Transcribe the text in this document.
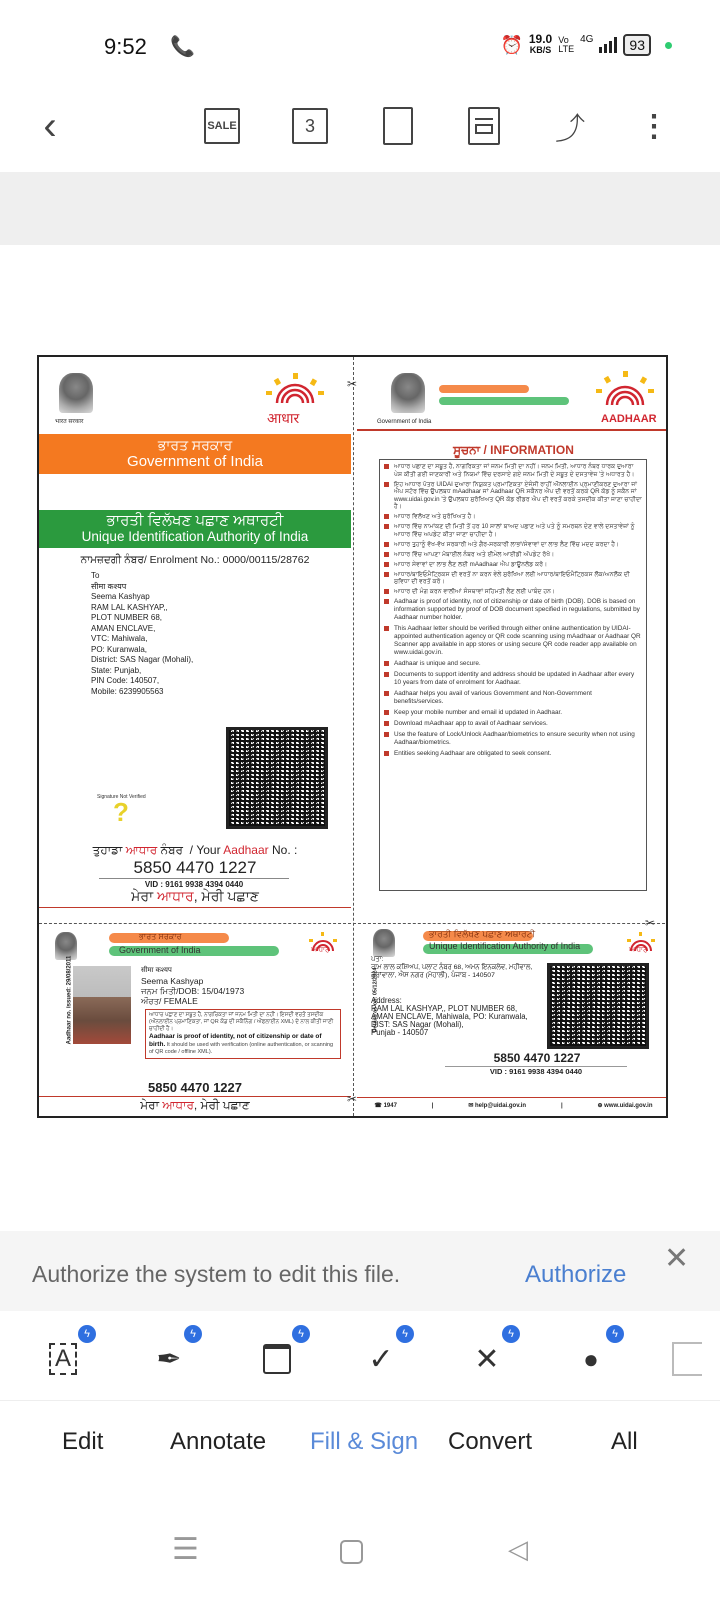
9:52 📞	⏰ 19.0
KB/S
Vo
LTE
4G	93
‹	SALE	3	⤴ ⋮
भारत सरकार	आधार
ਭਾਰਤ ਸਰਕਾਰ
Government of India
ਭਾਰਤੀ ਵਿਲੱਖਣ ਪਛਾਣ ਅਥਾਰਟੀ
Unique Identification Authority of India
ਨਾਮਜ਼ਦਗੀ ਨੰਬਰ/ Enrolment No.: 0000/00115/28762
To
सीमा कश्यप
Seema Kashyap
RAM LAL KASHYAP,,
PLOT NUMBER 68,
AMAN ENCLAVE,
VTC: Mahiwala,
PO: Kuranwala,
District: SAS Nagar (Mohali),
State: Punjab,
PIN Code: 140507,
Mobile: 6239905563
?
Signature Not Verified
ਤੁਹਾਡਾ ਆਧਾਰ ਨੰਬਰ / Your Aadhaar No. :
5850 4470 1227
VID : 9161 9938 4394 0440
ਮੇਰਾ ਆਧਾਰ, ਮੇਰੀ ਪਛਾਣ
ਭਾਰਤ ਸਰਕਾਰ
Government of India	ਆਧਾਰ
Aadhaar no. issued: 29/08/2011	सीमा कश्यप
Seema Kashyap
ਜਨਮ ਮਿਤੀ/DOB: 15/04/1973
ਔਰਤ/ FEMALE
ਆਧਾਰ ਪਛਾਣ ਦਾ ਸਬੂਤ ਹੈ, ਨਾਗਰਿਕਤਾ ਜਾਂ ਜਨਮ ਮਿਤੀ ਦਾ ਨਹੀਂ। ਇਸਦੀ ਵਰਤੋਂ ਤਸਦੀਕ (ਔਨਲਾਈਨ ਪ੍ਰਮਾਣਿਕਤਾ, ਜਾਂ QR ਕੋਡ ਦੀ ਸਕੈਨਿੰਗ / ਔਫਲਾਈਨ XML) ਦੇ ਨਾਲ ਕੀਤੀ ਜਾਣੀ ਚਾਹੀਦੀ ਹੈ।
Aadhaar is proof of identity, not of citizenship or date of birth. It should be used with verification (online authentication, or scanning of QR code / offline XML).
5850 4470 1227
ਮੇਰਾ ਆਧਾਰ, ਮੇਰੀ ਪਛਾਣ
✂
✂
✂
Government of India	AADHAAR
ਸੂਚਨਾ / INFORMATION
ਆਧਾਰ ਪਛਾਣ ਦਾ ਸਬੂਤ ਹੈ, ਨਾਗਰਿਕਤਾ ਜਾਂ ਜਨਮ ਮਿਤੀ ਦਾ ਨਹੀਂ। ਜਨਮ ਮਿਤੀ, ਆਧਾਰ ਨੰਬਰ ਧਾਰਕ ਦੁਆਰਾ ਪੇਸ਼ ਕੀਤੀ ਗਈ ਜਾਣਕਾਰੀ ਅਤੇ ਨਿਯਮਾਂ ਵਿੱਚ ਦਰਸਾਏ ਗਏ ਜਨਮ ਮਿਤੀ ਦੇ ਸਬੂਤ ਦੇ ਦਸਤਾਵੇਜ਼ 'ਤੇ ਅਧਾਰਤ ਹੈ।
ਇਹ ਆਧਾਰ ਪੱਤਰ UIDAI ਦੁਆਰਾ ਨਿਯੁਕਤ ਪ੍ਰਮਾਣਿਕਤਾ ਏਜੰਸੀ ਰਾਹੀਂ ਔਨਲਾਈਨ ਪ੍ਰਮਾਣੀਕਰਣ ਦੁਆਰਾ ਜਾਂ ਐਪ ਸਟੋਰ ਵਿੱਚ ਉਪਲਬਧ mAadhaar ਜਾਂ Aadhaar QR ਸਕੈਨਰ ਐਪ ਦੀ ਵਰਤੋਂ ਕਰਕੇ QR ਕੋਡ ਨੂੰ ਸਕੈਨ ਜਾਂ www.uidai.gov.in 'ਤੇ ਉਪਲਬਧ ਸੁਰੱਖਿਅਤ QR ਕੋਡ ਰੀਡਰ ਐਪ ਦੀ ਵਰਤੋਂ ਕਰਕੇ ਤਸਦੀਕ ਕੀਤਾ ਜਾਣਾ ਚਾਹੀਦਾ ਹੈ।
ਆਧਾਰ ਵਿਲੱਖਣ ਅਤੇ ਸੁਰੱਖਿਅਤ ਹੈ।
ਆਧਾਰ ਵਿੱਚ ਨਾਮਾਂਕਣ ਦੀ ਮਿਤੀ ਤੋਂ ਹਰ 10 ਸਾਲਾਂ ਬਾਅਦ ਪਛਾਣ ਅਤੇ ਪਤੇ ਨੂੰ ਸਮਰਥਨ ਦੇਣ ਵਾਲੇ ਦਸਤਾਵੇਜ਼ਾਂ ਨੂੰ ਆਧਾਰ ਵਿੱਚ ਅਪਡੇਟ ਕੀਤਾ ਜਾਣਾ ਚਾਹੀਦਾ ਹੈ।
ਆਧਾਰ ਤੁਹਾਨੂੰ ਵੱਖ-ਵੱਖ ਸਰਕਾਰੀ ਅਤੇ ਗੈਰ-ਸਰਕਾਰੀ ਲਾਭਾਂ/ਸੇਵਾਵਾਂ ਦਾ ਲਾਭ ਲੈਣ ਵਿੱਚ ਮਦਦ ਕਰਦਾ ਹੈ।
ਆਧਾਰ ਵਿੱਚ ਆਪਣਾ ਮੋਬਾਈਲ ਨੰਬਰ ਅਤੇ ਈਮੇਲ ਆਈਡੀ ਅੱਪਡੇਟ ਰੱਖੋ।
ਆਧਾਰ ਸੇਵਾਵਾਂ ਦਾ ਲਾਭ ਲੈਣ ਲਈ mAadhaar ਐਪ ਡਾਊਨਲੋਡ ਕਰੋ।
ਆਧਾਰ/ਬਾਇਓਮੈਟ੍ਰਿਕਸ ਦੀ ਵਰਤੋਂ ਨਾ ਕਰਨ ਵੇਲੇ ਸੁਰੱਖਿਆ ਲਈ ਆਧਾਰ/ਬਾਇਓਮੈਟ੍ਰਿਕਸ ਲੌਕ/ਅਨਲੌਕ ਦੀ ਸੁਵਿਧਾ ਦੀ ਵਰਤੋਂ ਕਰੋ।
ਆਧਾਰ ਦੀ ਮੰਗ ਕਰਨ ਵਾਲੀਆਂ ਸੰਸਥਾਵਾਂ ਸਹਿਮਤੀ ਲੈਣ ਲਈ ਪਾਬੰਦ ਹਨ।
Aadhaar is proof of identity, not of citizenship or date of birth (DOB). DOB is based on information supported by proof of DOB document specified in regulations, submitted by Aadhaar number holder.
This Aadhaar letter should be verified through either online authentication by UIDAI-appointed authentication agency or QR code scanning using mAadhaar or Aadhaar QR Scanner app available in app stores or using secure QR code reader app available on www.uidai.gov.in.
Aadhaar is unique and secure.
Documents to support identity and address should be updated in Aadhaar after every 10 years from date of enrolment for Aadhaar.
Aadhaar helps you avail of various Government and Non-Government benefits/services.
Keep your mobile number and email id updated in Aadhaar.
Download mAadhaar app to avail of Aadhaar services.
Use the feature of Lock/Unlock Aadhaar/biometrics to ensure security when not using Aadhaar/biometrics.
Entities seeking Aadhaar are obligated to seek consent.
ਭਾਰਤੀ ਵਿਲੱਖਣ ਪਛਾਣ ਅਥਾਰਟੀ
Unique Identification Authority of India	ਆਧਾਰ
Details as on: 05/12/2024
ਪਤਾ:
ਰਾਮ ਲਾਲ ਕਸ਼ਿਅਪ, ਪਲਾਟ ਨੰਬਰ 68, ਅਮਨ ਇਨਕਲੇਵ, ਮਹੀਵਾਲ, ਕੁਰਾਂਵਾਲਾ, ਐਸ ਨਗਰ (ਮੋਹਾਲੀ), ਪੰਜਾਬ - 140507
Address:
RAM LAL KASHYAP,, PLOT NUMBER 68,
AMAN ENCLAVE, Mahiwala, PO: Kuranwala,
DIST: SAS Nagar (Mohali),
Punjab - 140507
5850 4470 1227
VID : 9161 9938 4394 0440
☎ 1947	|	✉ help@uidai.gov.in	|	⊕ www.uidai.gov.in
Authorize the system to edit this file.	Authorize ✕
A
ϟ
✒
ϟ	ϟ
✓
ϟ
✕
ϟ
●
ϟ
Edit	Annotate Fill & Sign Convert	All
☰	◁
